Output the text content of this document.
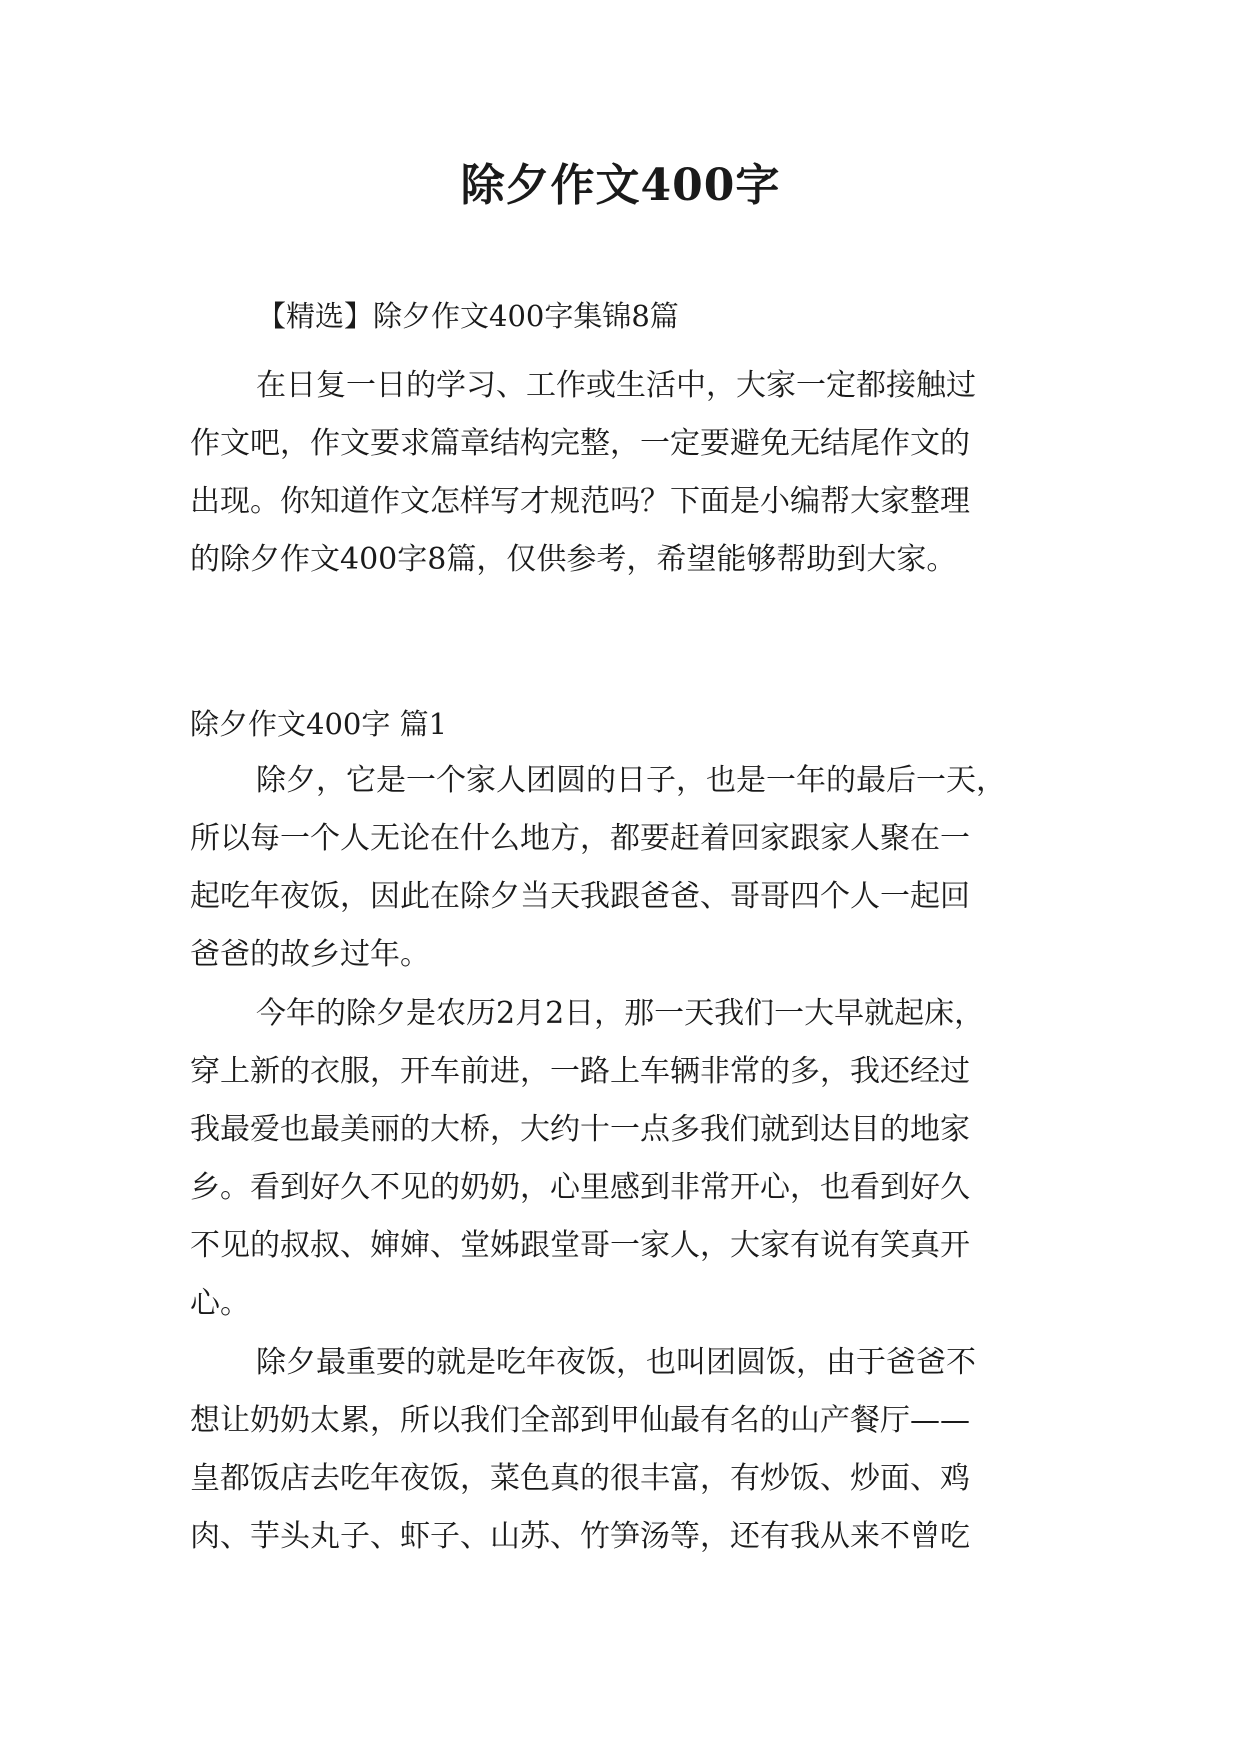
除夕作文400字

【精选】除夕作文400字集锦8篇

在日复一日的学习、工作或生活中，大家一定都接触过
作文吧，作文要求篇章结构完整，一定要避免无结尾作文的
出现。你知道作文怎样写才规范吗？下面是小编帮大家整理
的除夕作文400字8篇，仅供参考，希望能够帮助到大家。

除夕作文400字 篇1

除夕，它是一个家人团圆的日子，也是一年的最后一天，
所以每一个人无论在什么地方，都要赶着回家跟家人聚在一
起吃年夜饭，因此在除夕当天我跟爸爸、哥哥四个人一起回
爸爸的故乡过年。
今年的除夕是农历2月2日，那一天我们一大早就起床，
穿上新的衣服，开车前进，一路上车辆非常的多，我还经过
我最爱也最美丽的大桥，大约十一点多我们就到达目的地家
乡。看到好久不见的奶奶，心里感到非常开心，也看到好久
不见的叔叔、婶婶、堂姊跟堂哥一家人，大家有说有笑真开
心。
除夕最重要的就是吃年夜饭，也叫团圆饭，由于爸爸不
想让奶奶太累，所以我们全部到甲仙最有名的山产餐厅——
皇都饭店去吃年夜饭，菜色真的很丰富，有炒饭、炒面、鸡
肉、芋头丸子、虾子、山苏、竹笋汤等，还有我从来不曾吃
